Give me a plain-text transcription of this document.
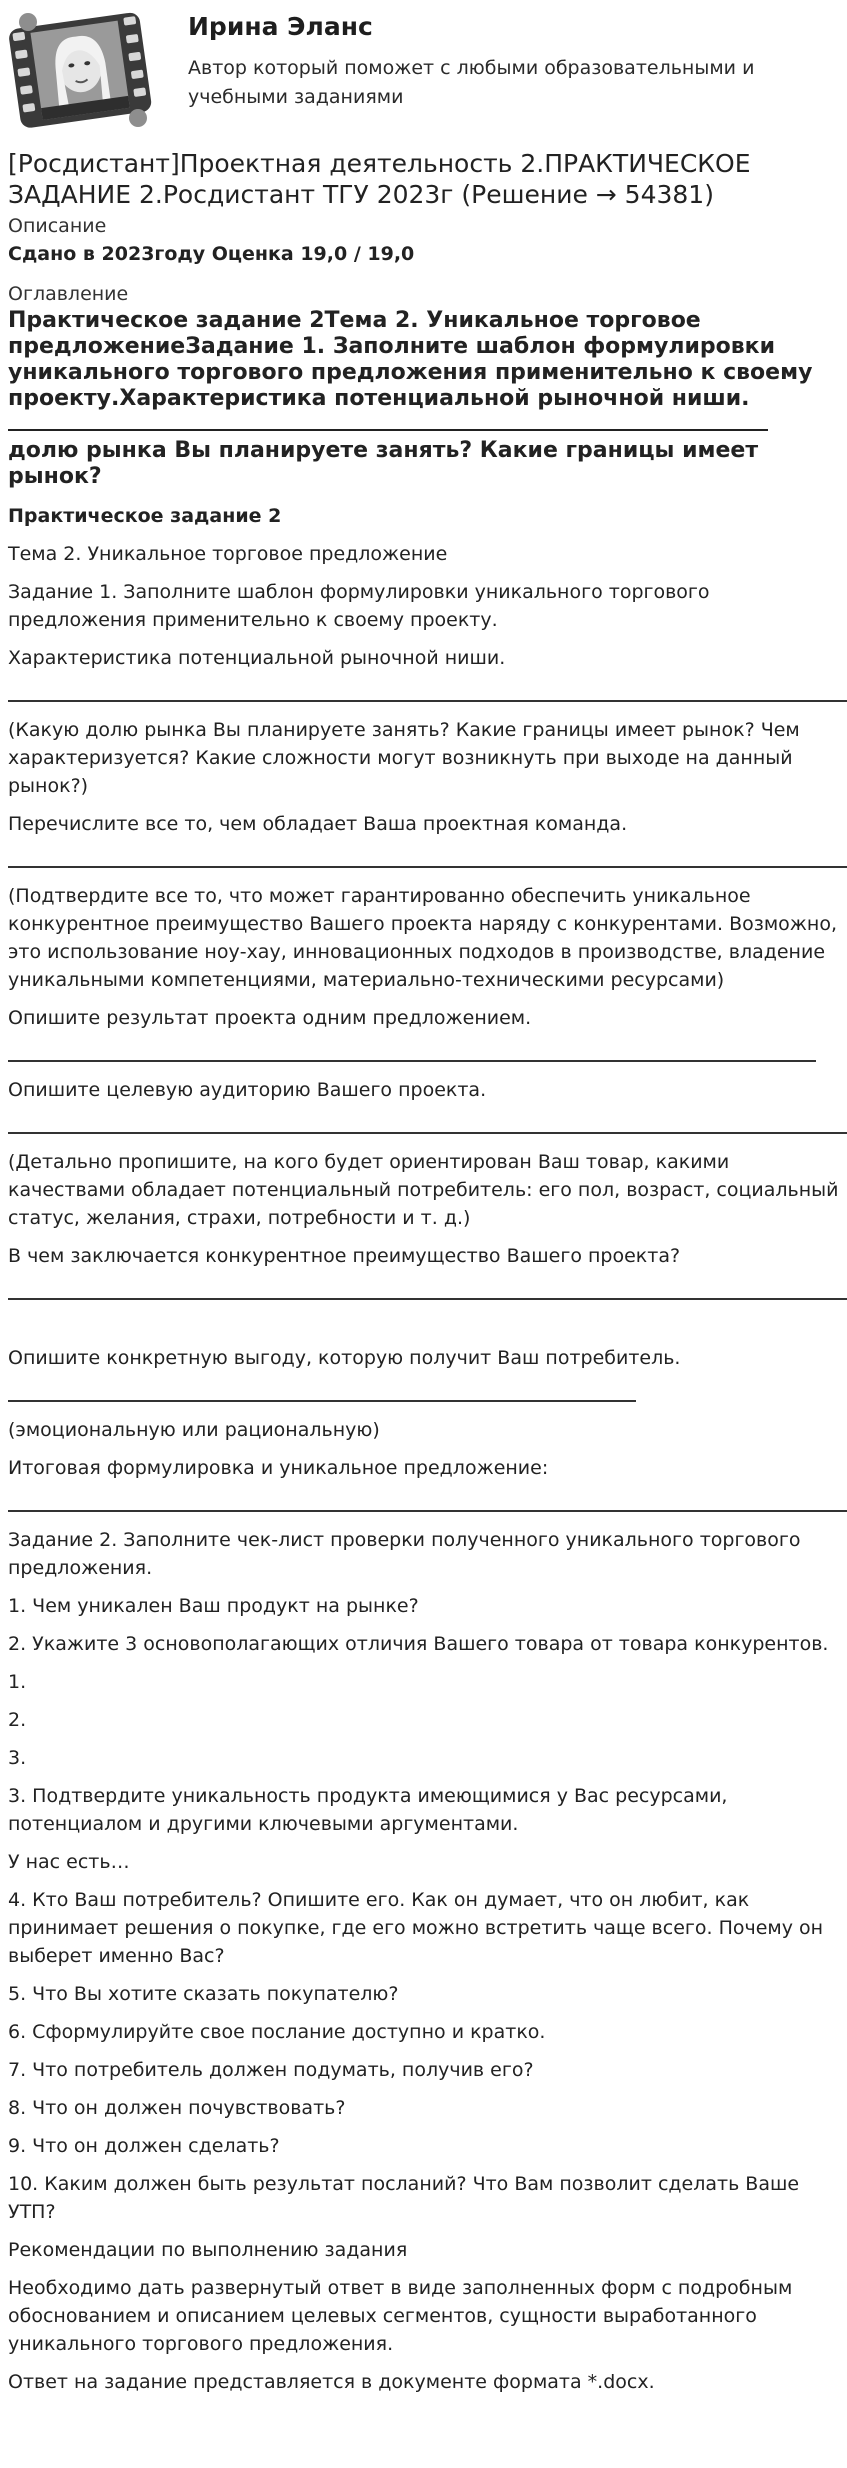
Ирина Эланс
Автор который поможет с любыми образовательными и учебными заданиями
[Росдистант]Проектная деятельность 2.ПРАКТИЧЕСКОЕ ЗАДАНИЕ 2.Росдистант ТГУ 2023г (Решение → 54381)
Описание
Сдано в 2023году Оценка 19,0 / 19,0
Оглавление
Практическое задание 2Тема 2. Уникальное торговое предложениеЗадание 1. Заполните шаблон формулировки уникального торгового предложения применительно к своему проекту.Характеристика потенциальной рыночной ниши.
долю рынка Вы планируете занять? Какие границы имеет рынок?
Практическое задание 2
Тема 2. Уникальное торговое предложение
Задание 1. Заполните шаблон формулировки уникального торгового предложения применительно к своему проекту.
Характеристика потенциальной рыночной ниши.
(Какую долю рынка Вы планируете занять? Какие границы имеет рынок? Чем характеризуется? Какие сложности могут возникнуть при выходе на данный рынок?)
Перечислите все то, чем обладает Ваша проектная команда.
(Подтвердите все то, что может гарантированно обеспечить уникальное конкурентное преимущество Вашего проекта наряду с конкурентами. Возможно, это использование ноу-хау, инновационных подходов в производстве, владение уникальными компетенциями, материально-техническими ресурсами)
Опишите результат проекта одним предложением.
Опишите целевую аудиторию Вашего проекта.
(Детально пропишите, на кого будет ориентирован Ваш товар, какими качествами обладает потенциальный потребитель: его пол, возраст, социальный статус, желания, страхи, потребности и т. д.)
В чем заключается конкурентное преимущество Вашего проекта?
Опишите конкретную выгоду, которую получит Ваш потребитель.
(эмоциональную или рациональную)
Итоговая формулировка и уникальное предложение:
Задание 2. Заполните чек-лист проверки полученного уникального торгового предложения.
1. Чем уникален Ваш продукт на рынке?
2. Укажите 3 основополагающих отличия Вашего товара от товара конкурентов.
1.
2.
3.
3. Подтвердите уникальность продукта имеющимися у Вас ресурсами, потенциалом и другими ключевыми аргументами.
У нас есть…
4. Кто Ваш потребитель? Опишите его. Как он думает, что он любит, как принимает решения о покупке, где его можно встретить чаще всего. Почему он выберет именно Вас?
5. Что Вы хотите сказать покупателю?
6. Сформулируйте свое послание доступно и кратко.
7. Что потребитель должен подумать, получив его?
8. Что он должен почувствовать?
9. Что он должен сделать?
10. Каким должен быть результат посланий? Что Вам позволит сделать Ваше УТП?
Рекомендации по выполнению задания
Необходимо дать развернутый ответ в виде заполненных форм с подробным обоснованием и описанием целевых сегментов, сущности выработанного уникального торгового предложения.
Ответ на задание представляется в документе формата *.docx.
